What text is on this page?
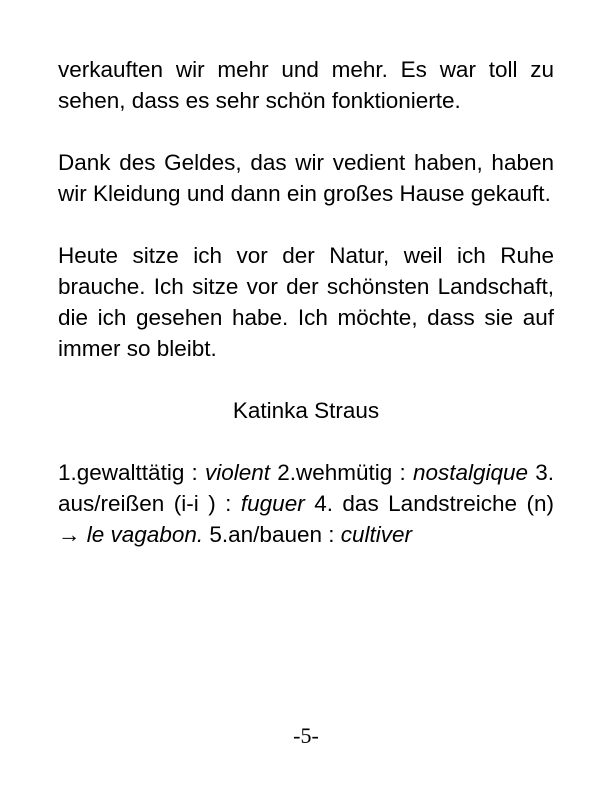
verkauften wir mehr und mehr. Es war toll zu sehen, dass es sehr schön fonktionierte.

Dank des Geldes, das wir vedient haben, haben wir Kleidung und dann ein großes Hause gekauft.

Heute sitze ich vor der Natur, weil ich Ruhe brauche. Ich sitze vor der schönsten Landschaft, die ich gesehen habe. Ich möchte, dass sie auf immer so bleibt.

Katinka Straus

1.gewalttätig : violent 2.wehmütig : nostalgique 3. aus/reißen (i-i ) : fuguer 4. das Landstreiche (n) → le vagabon. 5.an/bauen : cultiver

-5-
